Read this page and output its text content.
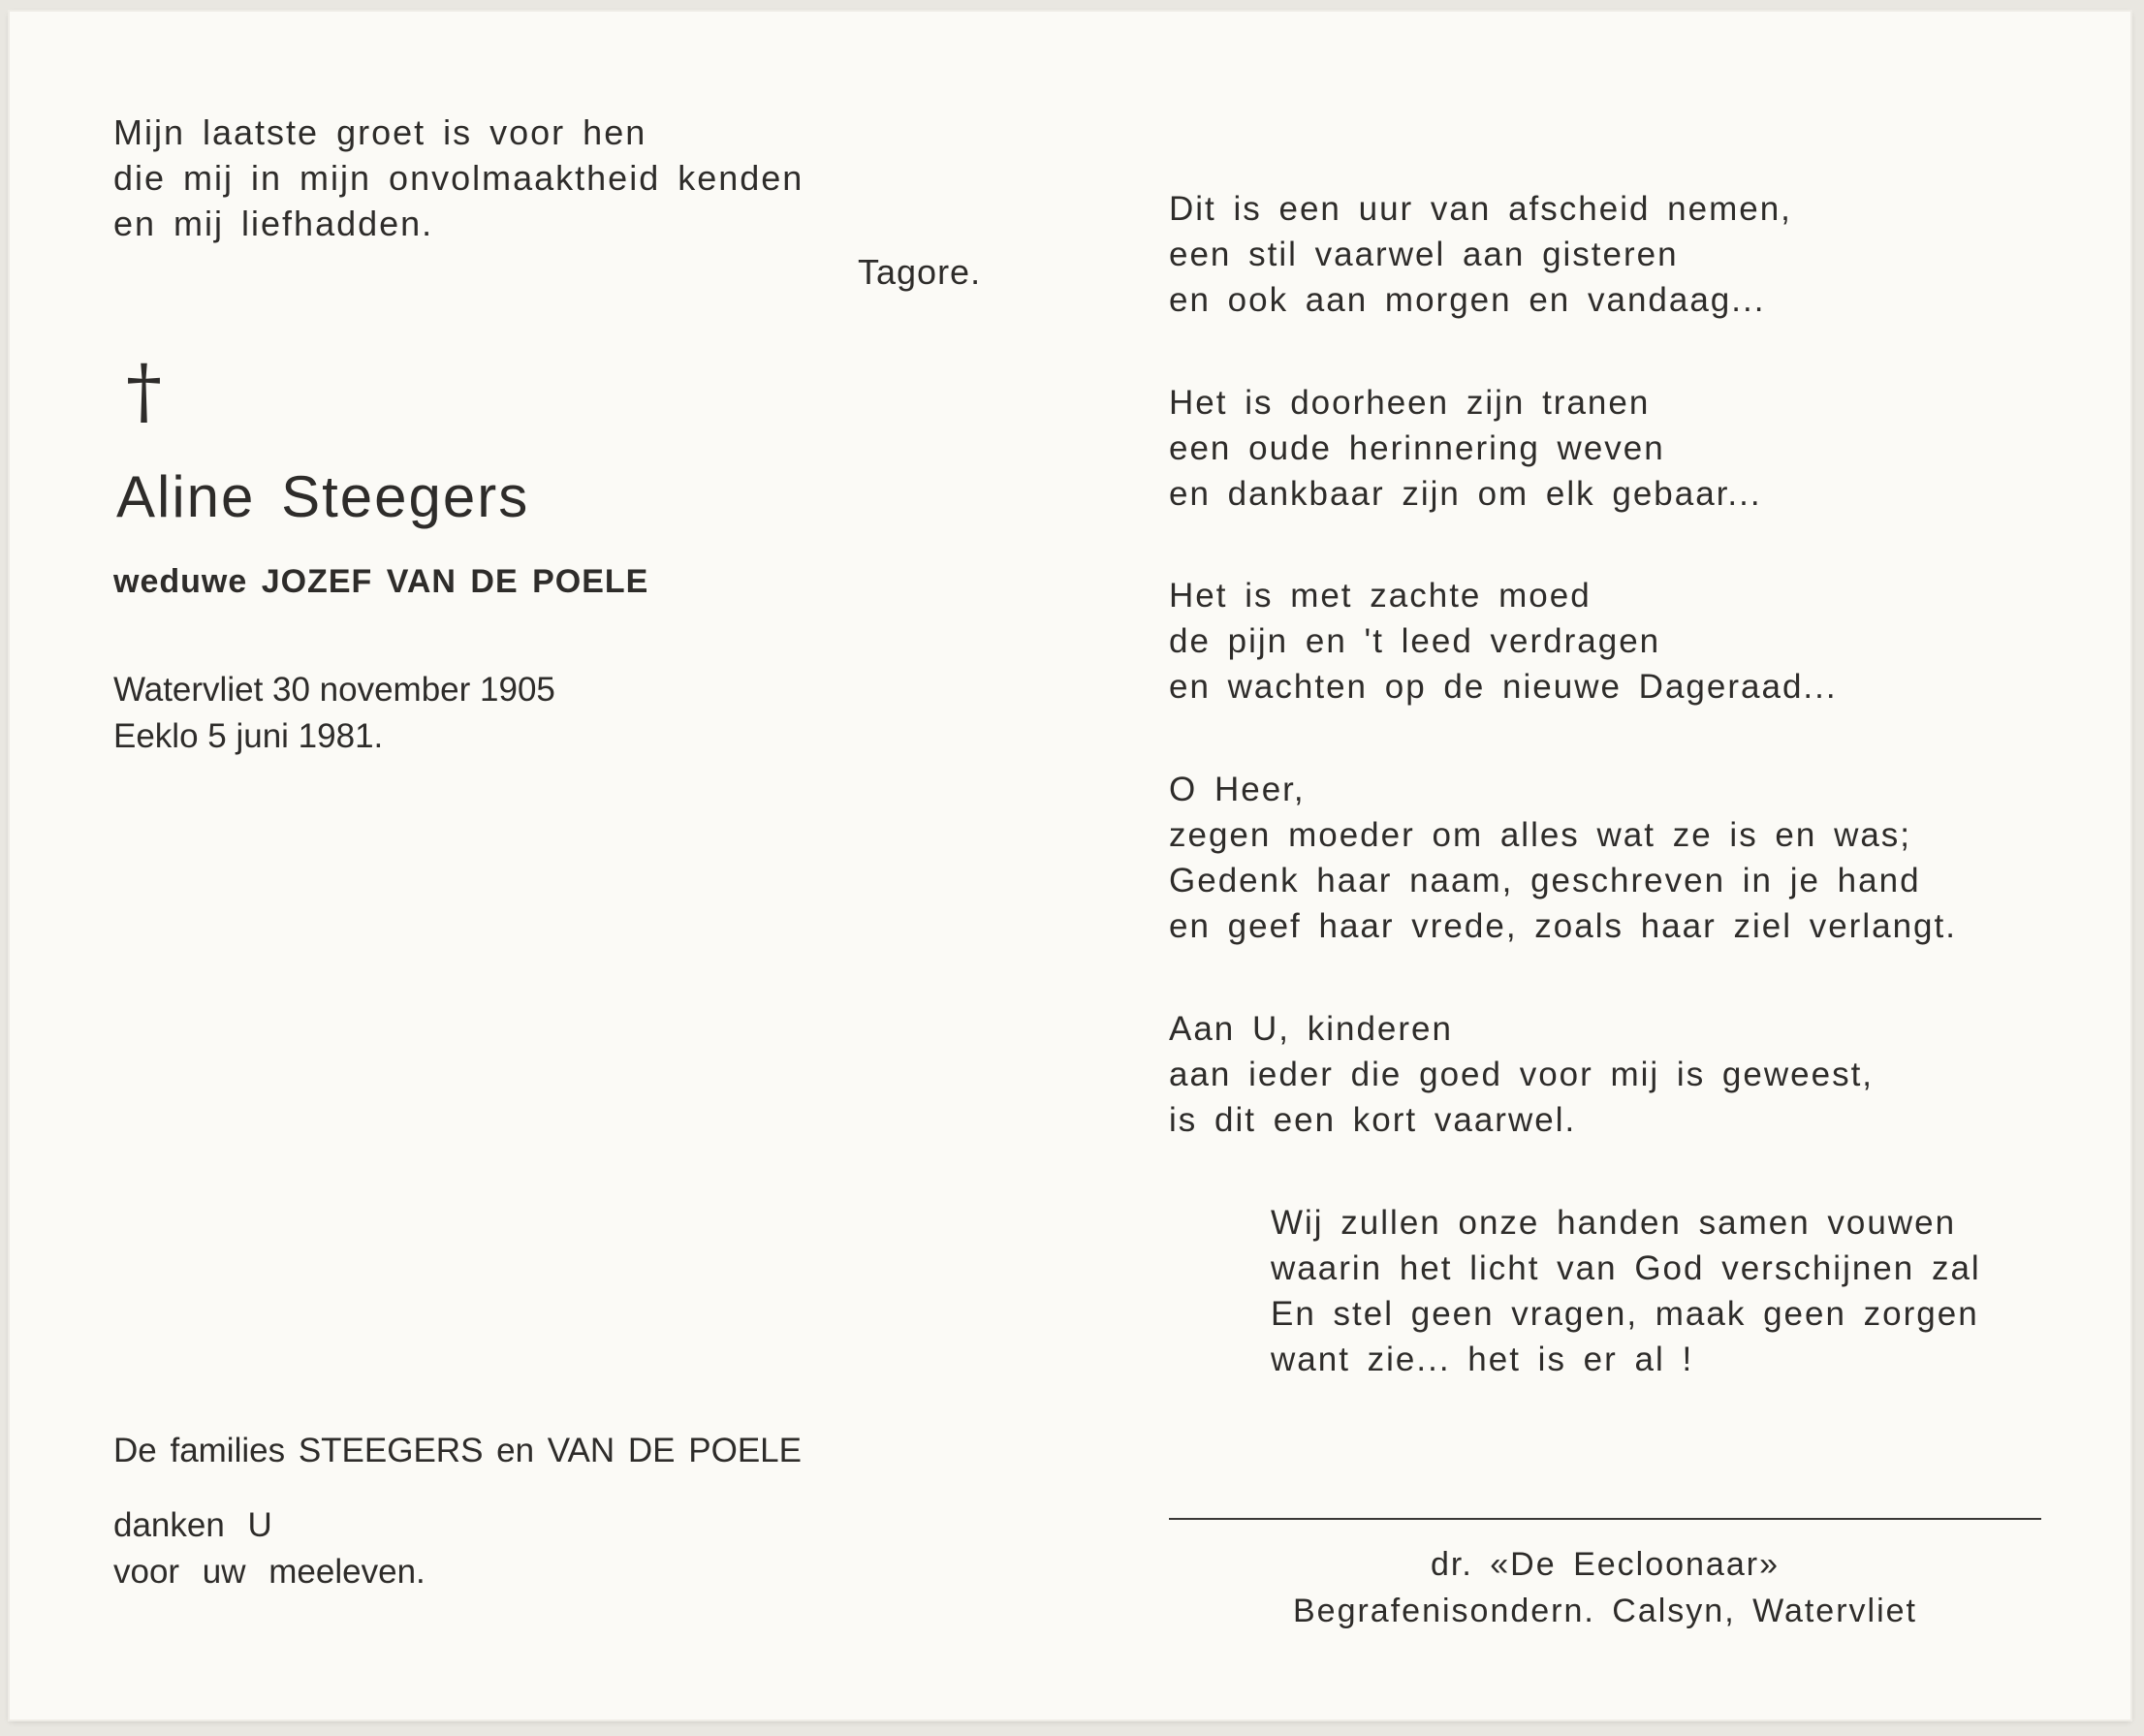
Mijn laatste groet is voor hen
die mij in mijn onvolmaaktheid kenden
en mij liefhadden.
Tagore.
†
Aline Steegers
weduwe JOZEF VAN DE POELE
Watervliet 30 november 1905
Eeklo 5 juni 1981.
De families STEEGERS en VAN DE POELE
danken U
voor uw meeleven.
Dit is een uur van afscheid nemen,
een stil vaarwel aan gisteren
en ook aan morgen en vandaag...
Het is doorheen zijn tranen
een oude herinnering weven
en dankbaar zijn om elk gebaar...
Het is met zachte moed
de pijn en 't leed verdragen
en wachten op de nieuwe Dageraad...
O Heer,
zegen moeder om alles wat ze is en was;
Gedenk haar naam, geschreven in je hand
en geef haar vrede, zoals haar ziel verlangt.
Aan U, kinderen
aan ieder die goed voor mij is geweest,
is dit een kort vaarwel.
Wij zullen onze handen samen vouwen
waarin het licht van God verschijnen zal
En stel geen vragen, maak geen zorgen
want zie... het is er al !
dr. «De Eecloonaar»
Begrafenisondern. Calsyn, Watervliet
